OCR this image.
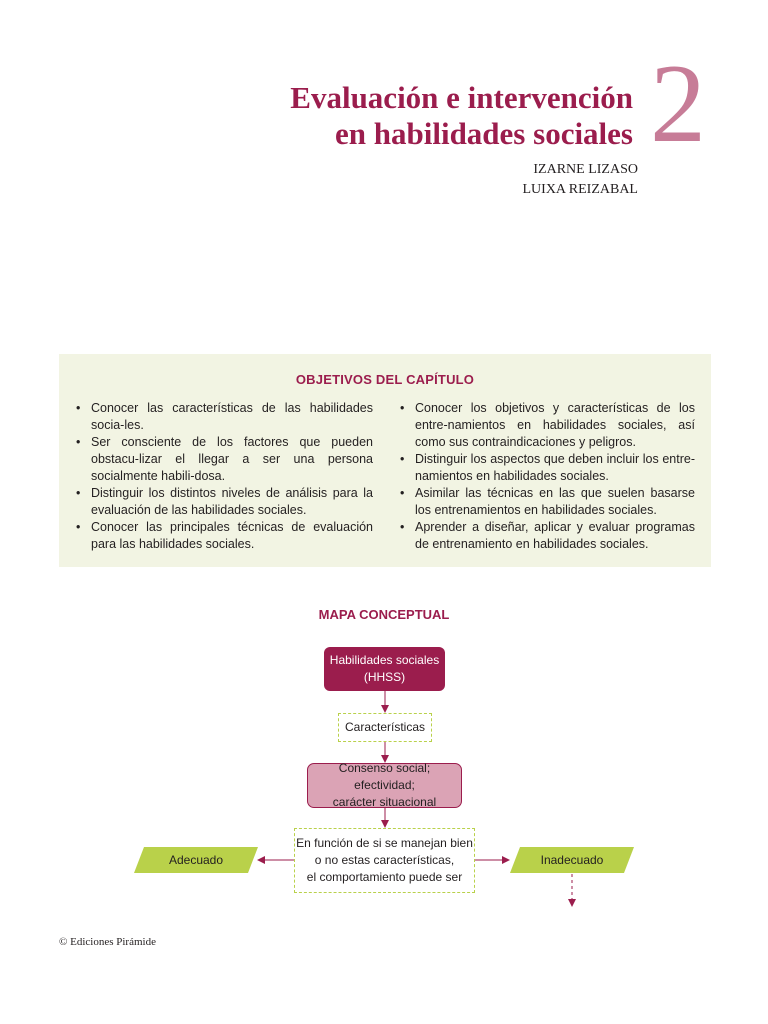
Evaluación e intervención
en habilidades sociales 2
IZARNE LIZASO
LUIXA REIZABAL
OBJETIVOS DEL CAPÍTULO
• Conocer las características de las habilidades socia-les.
• Ser consciente de los factores que pueden obstacu-lizar el llegar a ser una persona socialmente habili-dosa.
• Distinguir los distintos niveles de análisis para la evaluación de las habilidades sociales.
• Conocer las principales técnicas de evaluación para las habilidades sociales.
• Conocer los objetivos y características de los entre-namientos en habilidades sociales, así como sus contraindicaciones y peligros.
• Distinguir los aspectos que deben incluir los entre-namientos en habilidades sociales.
• Asimilar las técnicas en las que suelen basarse los entrenamientos en habilidades sociales.
• Aprender a diseñar, aplicar y evaluar programas de entrenamiento en habilidades sociales.
MAPA CONCEPTUAL
Habilidades sociales
(HHSS)
Características
Consenso social; efectividad;
carácter situacional
En función de si se manejan bien
o no estas características,
el comportamiento puede ser
Adecuado	Inadecuado
© Ediciones Pirámide
